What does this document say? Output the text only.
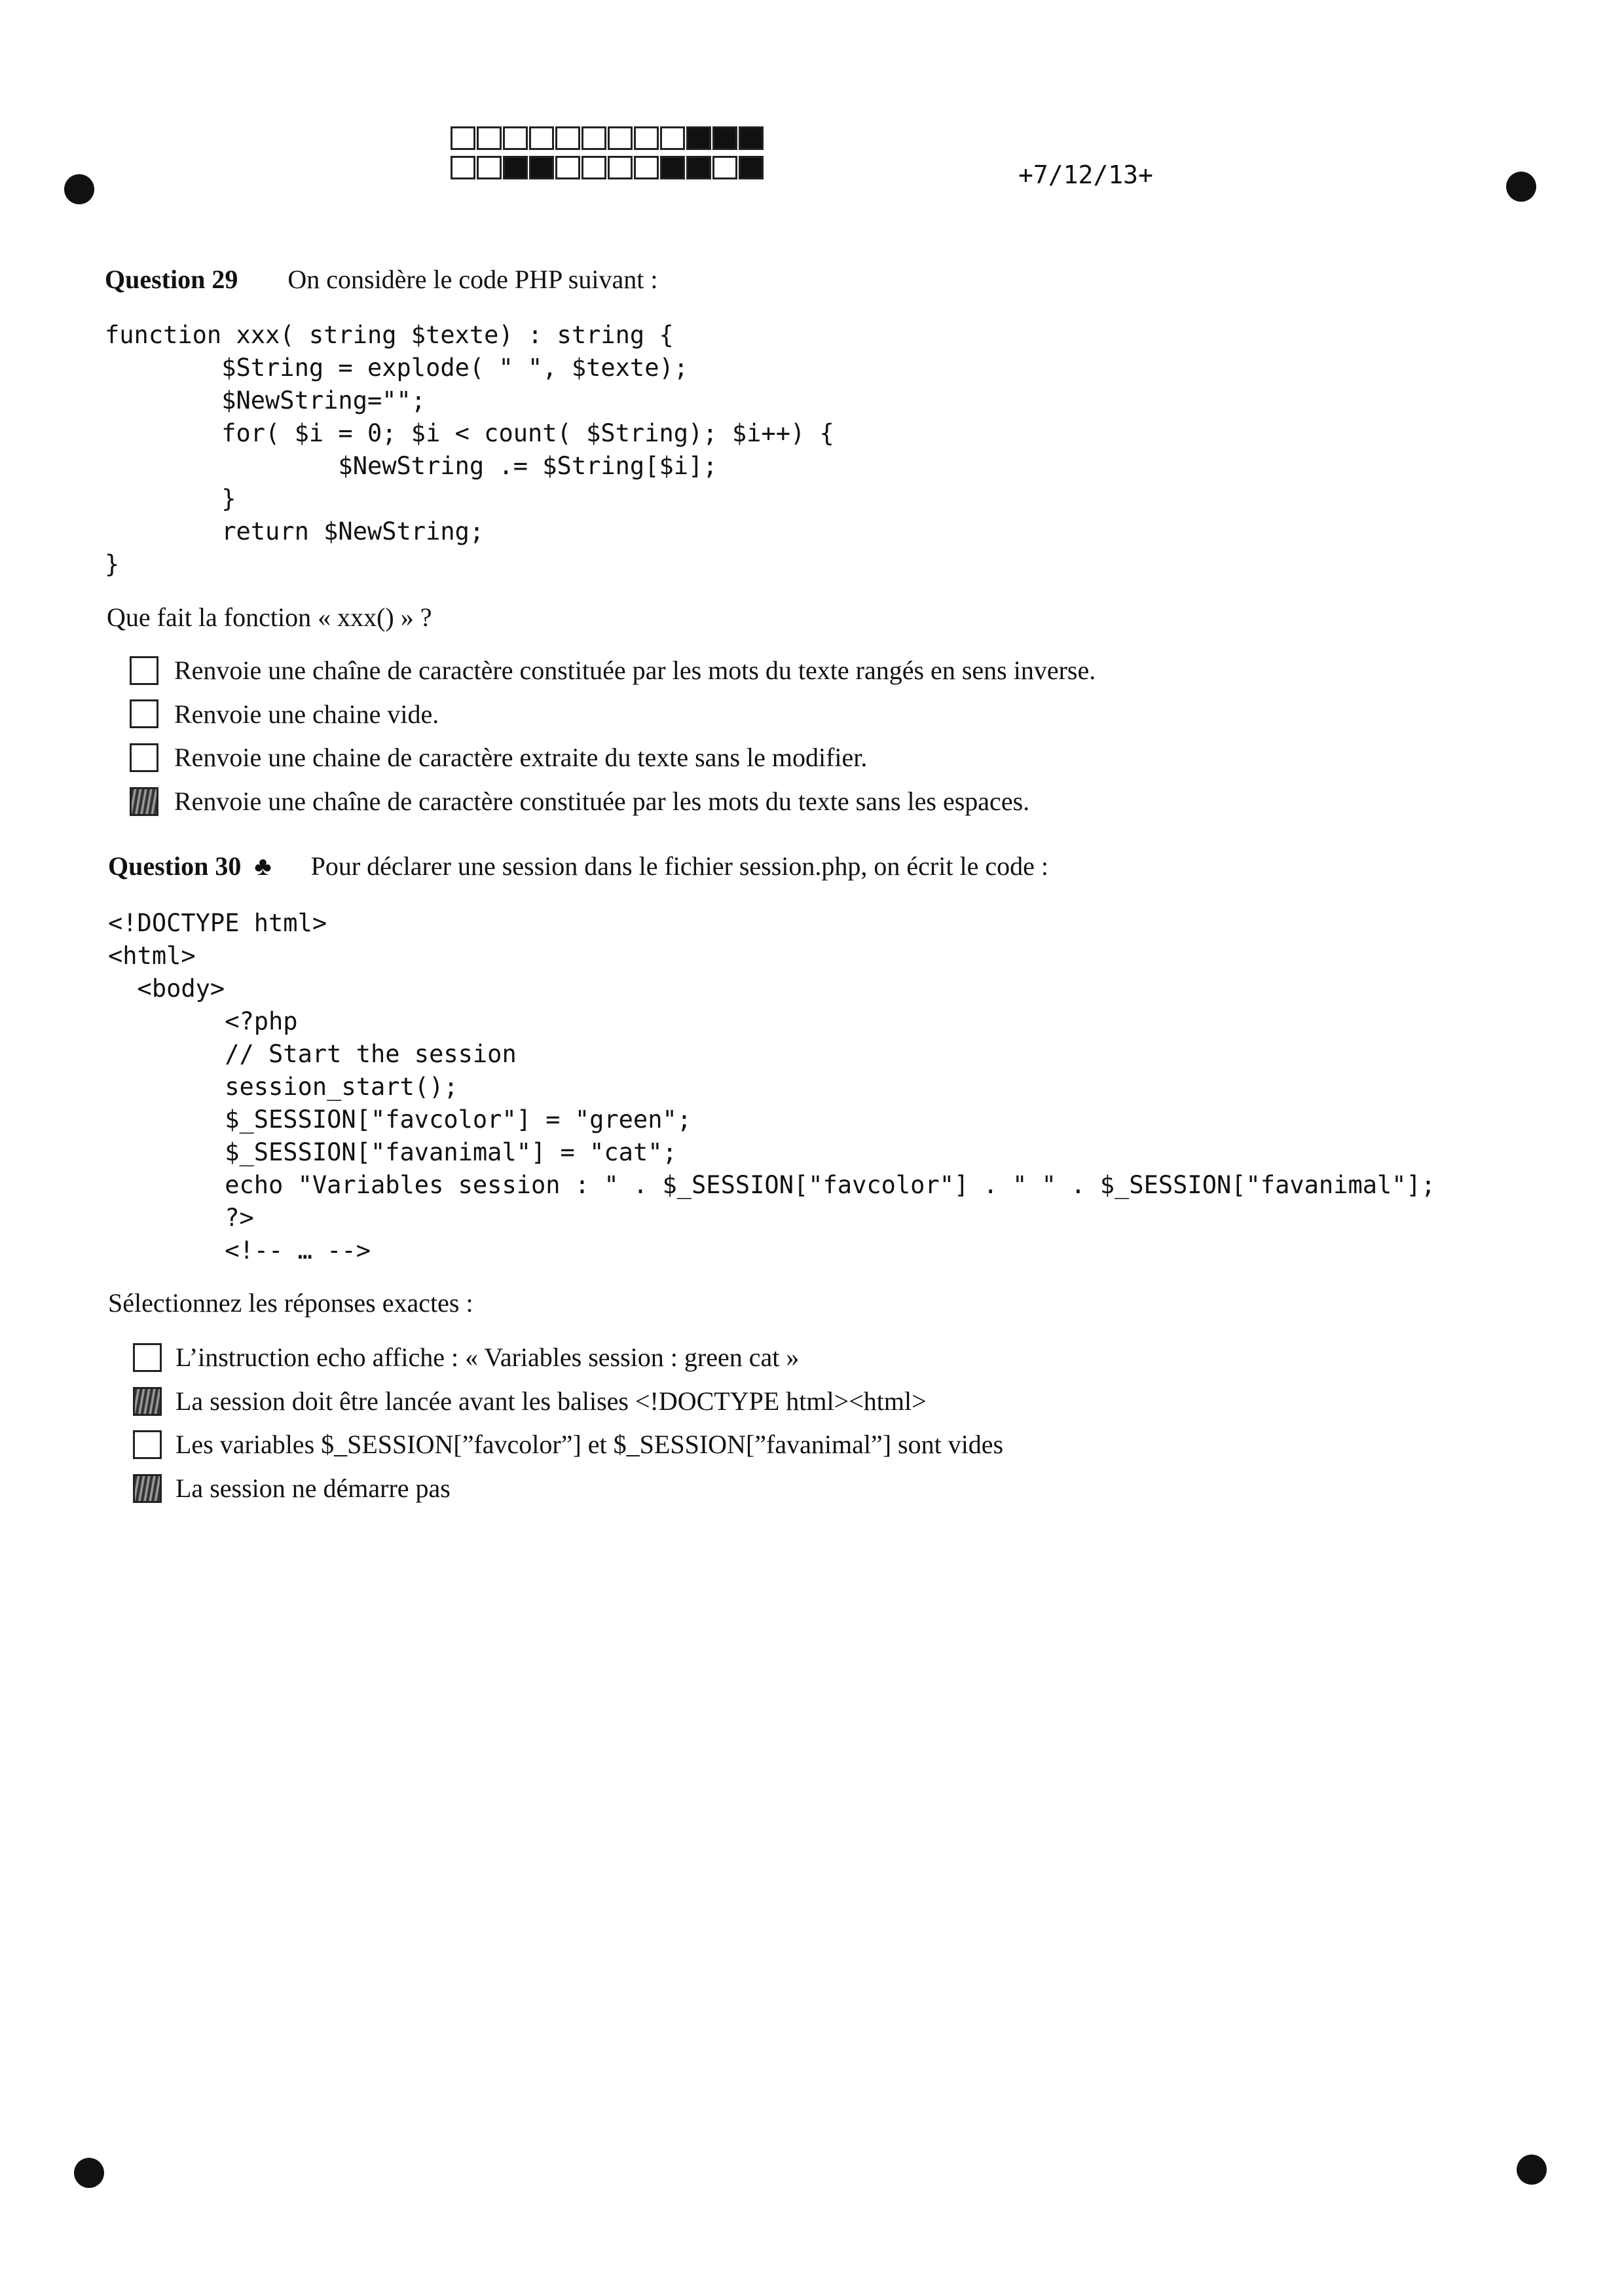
+7/12/13+
Question 29 On considère le code PHP suivant :
function xxx( string $texte) : string {
$String = explode( " ", $texte);
$NewString="";
for( $i = 0; $i < count( $String); $i++) {
$NewString .= $String[$i];
}
return $NewString;
}
Que fait la fonction « xxx() » ?
Renvoie une chaîne de caractère constituée par les mots du texte rangés en sens inverse.
Renvoie une chaine vide.
Renvoie une chaine de caractère extraite du texte sans le modifier.
Renvoie une chaîne de caractère constituée par les mots du texte sans les espaces.
Question 30 ♣ Pour déclarer une session dans le fichier session.php, on écrit le code :
<!DOCTYPE html>
<html>
<body>
<?php
// Start the session
session_start();
$_SESSION["favcolor"] = "green";
$_SESSION["favanimal"] = "cat";
echo "Variables session : " . $_SESSION["favcolor"] . " " . $_SESSION["favanimal"];
?>
<!-- … -->
Sélectionnez les réponses exactes :
L’instruction echo affiche : « Variables session : green cat »
La session doit être lancée avant les balises <!DOCTYPE html><html>
Les variables $_SESSION[”favcolor”] et $_SESSION[”favanimal”] sont vides
La session ne démarre pas
